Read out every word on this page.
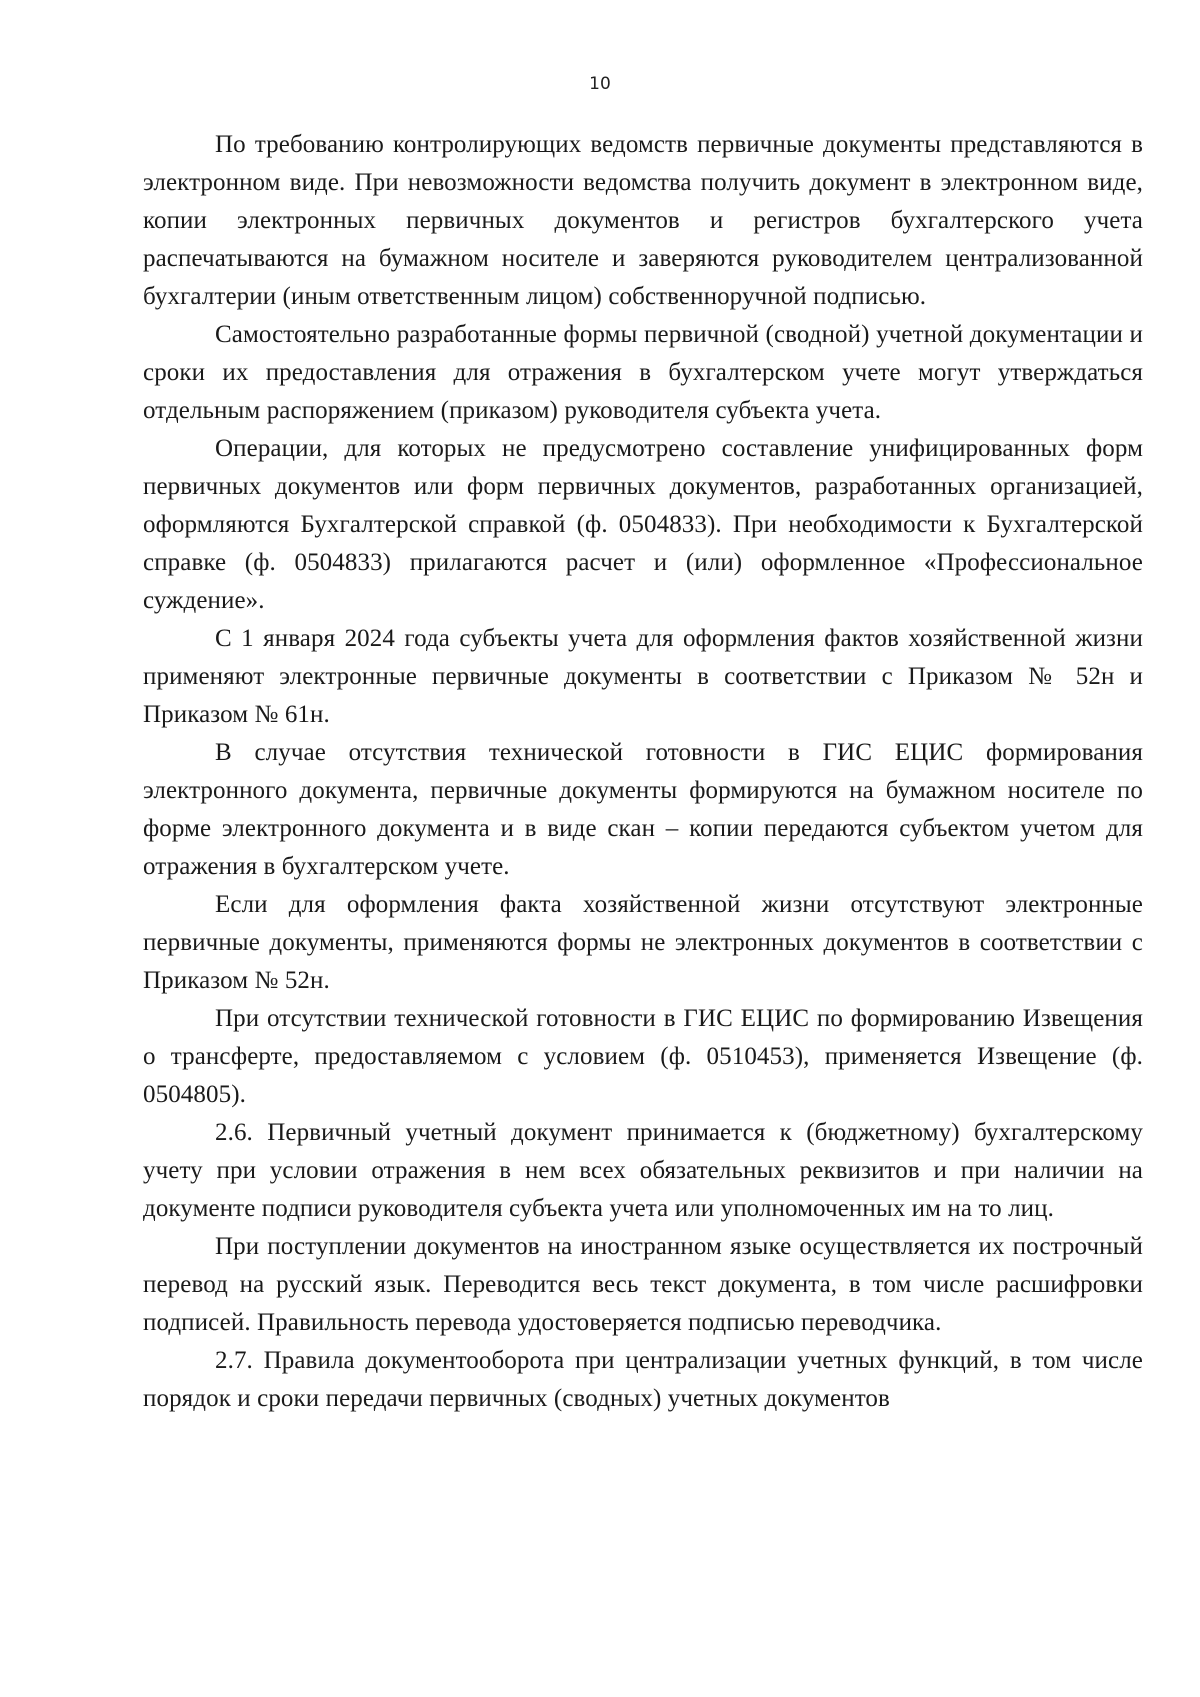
10

По требованию контролирующих ведомств первичные документы представляются в электронном виде. При невозможности ведомства получить документ в электронном виде, копии электронных первичных документов и регистров бухгалтерского учета распечатываются на бумажном носителе и заверяются руководителем централизованной бухгалтерии (иным ответственным лицом) собственноручной подписью.

Самостоятельно разработанные формы первичной (сводной) учетной документации и сроки их предоставления для отражения в бухгалтерском учете могут утверждаться отдельным распоряжением (приказом) руководителя субъекта учета.

Операции, для которых не предусмотрено составление унифицированных форм первичных документов или форм первичных документов, разработанных организацией, оформляются Бухгалтерской справкой (ф. 0504833). При необходимости к Бухгалтерской справке (ф. 0504833) прилагаются расчет и (или) оформленное «Профессиональное суждение».

С 1 января 2024 года субъекты учета для оформления фактов хозяйственной жизни применяют электронные первичные документы в соответствии с Приказом № 52н и Приказом № 61н.

В случае отсутствия технической готовности в ГИС ЕЦИС формирования электронного документа, первичные документы формируются на бумажном носителе по форме электронного документа и в виде скан – копии передаются субъектом учетом для отражения в бухгалтерском учете.

Если для оформления факта хозяйственной жизни отсутствуют электронные первичные документы, применяются формы не электронных документов в соответствии с Приказом № 52н.

При отсутствии технической готовности в ГИС ЕЦИС по формированию Извещения о трансферте, предоставляемом с условием (ф. 0510453), применяется Извещение (ф. 0504805).

2.6. Первичный учетный документ принимается к (бюджетному) бухгалтерскому учету при условии отражения в нем всех обязательных реквизитов и при наличии на документе подписи руководителя субъекта учета или уполномоченных им на то лиц.

При поступлении документов на иностранном языке осуществляется их построчный перевод на русский язык. Переводится весь текст документа, в том числе расшифровки подписей. Правильность перевода удостоверяется подписью переводчика.

2.7. Правила документооборота при централизации учетных функций, в том числе порядок и сроки передачи первичных (сводных) учетных документов
